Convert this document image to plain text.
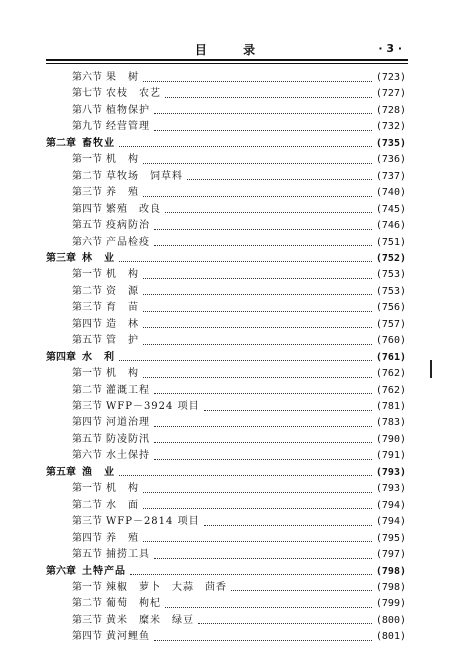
目 录	· 3 ·
第六节 果　树	(723)
第七节 农枝　农艺	(727)
第八节 植物保护	(728)
第九节 经营管理	(732)
第二章 畜牧业	(735)
第一节 机　构	(736)
第二节 草牧场　饲草料	(737)
第三节 养　殖	(740)
第四节 繁殖　改良	(745)
第五节 疫病防治	(746)
第六节 产品检疫	(751)
第三章 林　业	(752)
第一节 机　构	(753)
第二节 资　源	(753)
第三节 育　苗	(756)
第四节 造　林	(757)
第五节 管　护	(760)
第四章 水　利	(761)
第一节 机　构	(762)
第二节 灌溉工程	(762)
第三节 WFP－3924 项目	(781)
第四节 河道治理	(783)
第五节 防凌防汛	(790)
第六节 水土保持	(791)
第五章 渔　业	(793)
第一节 机　构	(793)
第二节 水　面	(794)
第三节 WFP－2814 项目	(794)
第四节 养　殖	(795)
第五节 捕捞工具	(797)
第六章 土特产品	(798)
第一节 辣椒　萝卜　大蒜　茴香	(798)
第二节 葡萄　枸杞	(799)
第三节 黄米　糜米　绿豆	(800)
第四节 黄河鲤鱼	(801)
